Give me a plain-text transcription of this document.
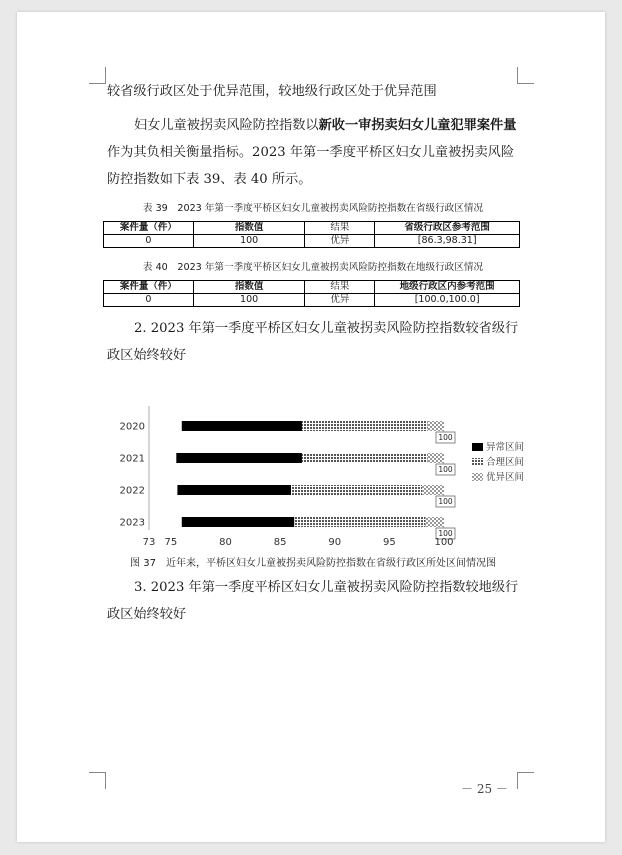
较省级行政区处于优异范围，较地级行政区处于优异范围
妇女儿童被拐卖风险防控指数以新收一审拐卖妇女儿童犯罪案件量作为其负相关衡量指标。2023 年第一季度平桥区妇女儿童被拐卖风险防控指数如下表 39、表 40 所示。
表 39　2023 年第一季度平桥区妇女儿童被拐卖风险防控指数在省级行政区情况
案件量（件）	指数值	结果	省级行政区参考范围
0	100	优异	[86.3,98.31]
表 40　2023 年第一季度平桥区妇女儿童被拐卖风险防控指数在地级行政区情况
案件量（件）	指数值	结果	地级行政区内参考范围
0	100	优异	[100.0,100.0]
2. 2023 年第一季度平桥区妇女儿童被拐卖风险防控指数较省级行政区始终较好
100
100
100
100
2020
2021
2022
2023
73 75	80	85	90	95	100
异常区间
合理区间
优异区间
图 37　近年来，平桥区妇女儿童被拐卖风险防控指数在省级行政区所处区间情况图
3. 2023 年第一季度平桥区妇女儿童被拐卖风险防控指数较地级行政区始终较好
－ 25 －
